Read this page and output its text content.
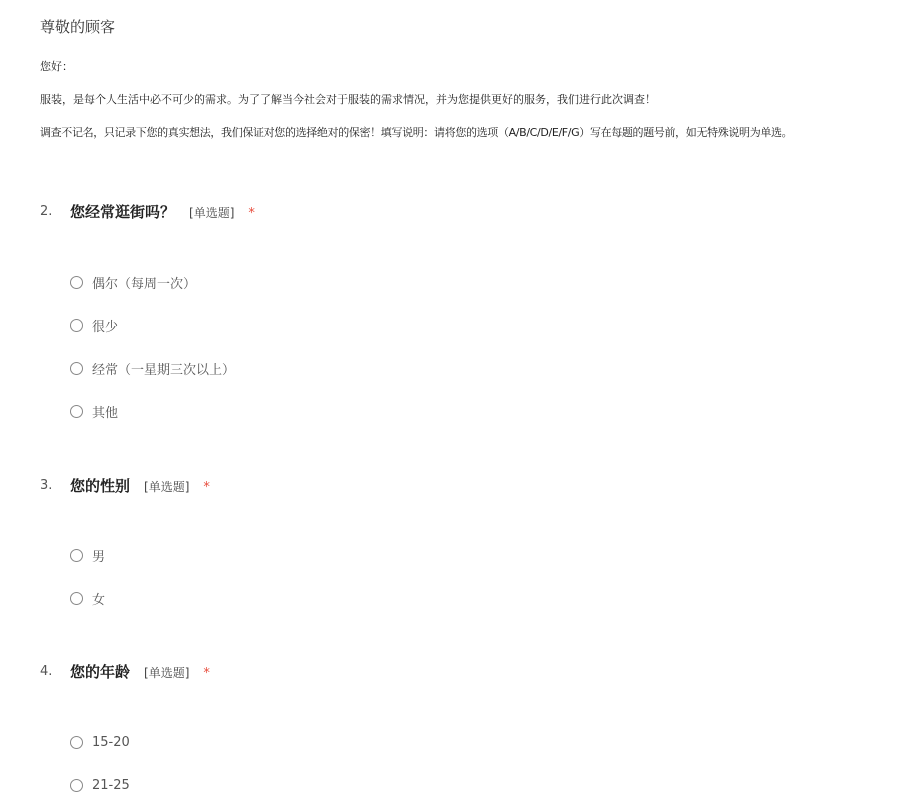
尊敬的顾客
您好：
服装，是每个人生活中必不可少的需求。为了了解当今社会对于服装的需求情况，并为您提供更好的服务，我们进行此次调查！
调查不记名，只记录下您的真实想法，我们保证对您的选择绝对的保密！填写说明：请将您的选项（A/B/C/D/E/F/G）写在每题的题号前，如无特殊说明为单选。
2. 您经常逛街吗？ [单选题] *
偶尔（每周一次）
很少
经常（一星期三次以上）
其他
3. 您的性别 [单选题] *
男
女
4. 您的年龄 [单选题] *
15-20
21-25
